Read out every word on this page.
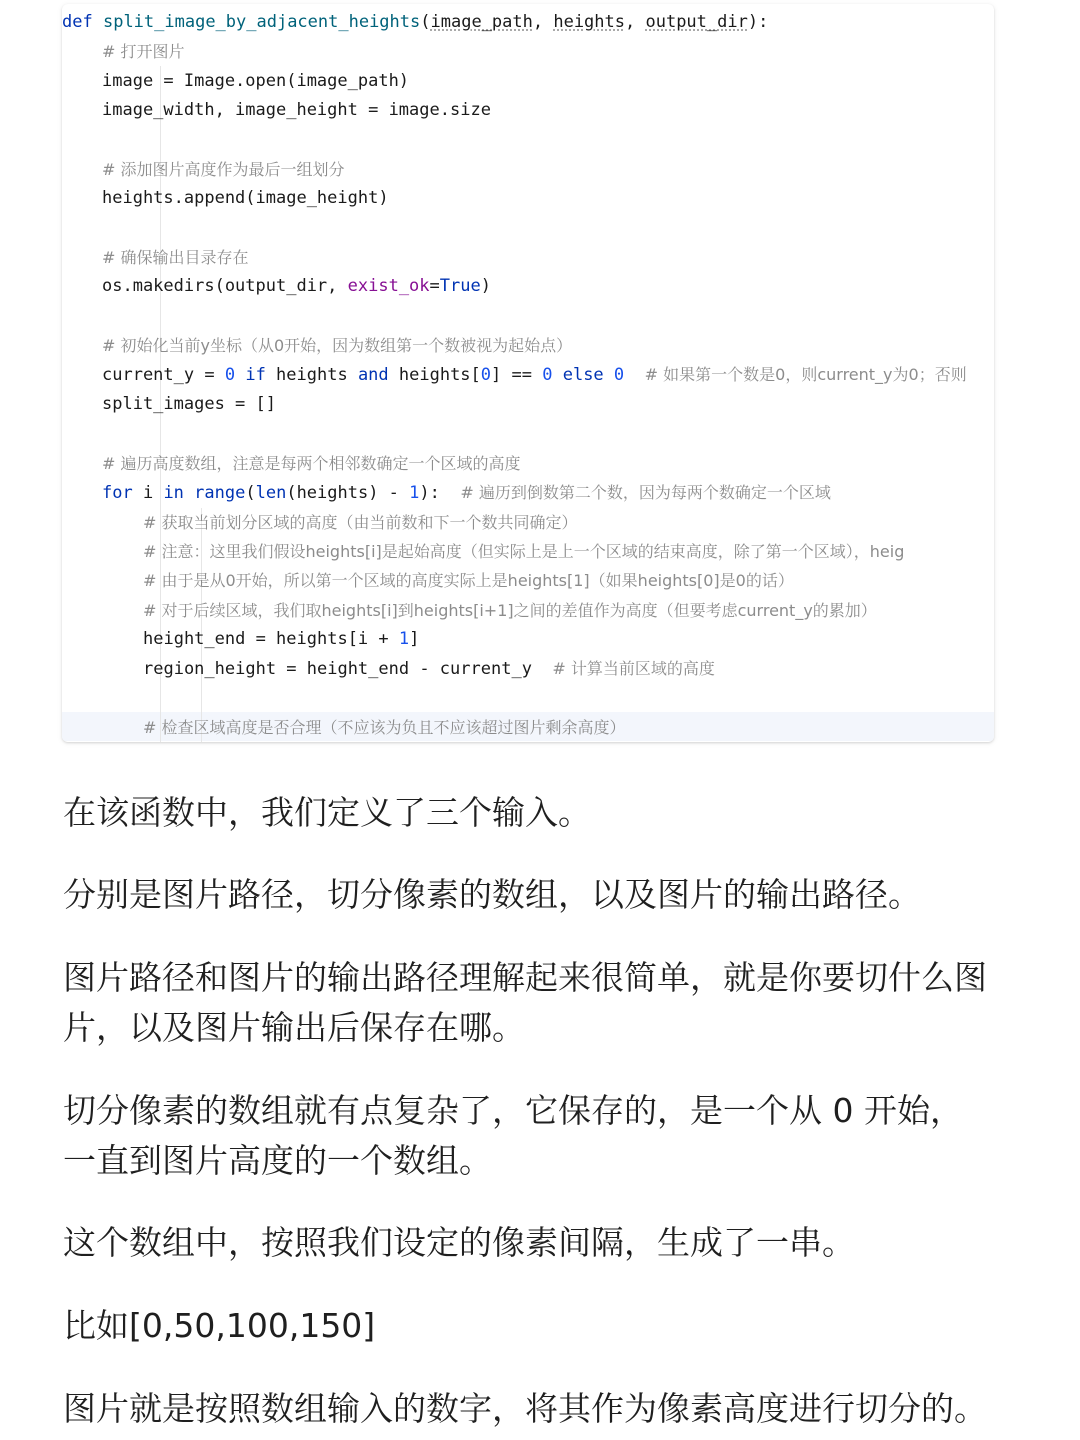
def split_image_by_adjacent_heights(image_path, heights, output_dir):
# 打开图片
image = Image.open(image_path)
image_width, image_height = image.size
# 添加图片高度作为最后一组划分
heights.append(image_height)
# 确保输出目录存在
os.makedirs(output_dir, exist_ok=True)
# 初始化当前y坐标（从0开始，因为数组第一个数被视为起始点）
current_y = 0 if heights and heights[0] == 0 else 0 # 如果第一个数是0，则current_y为0；否则
split_images = []
# 遍历高度数组，注意是每两个相邻数确定一个区域的高度
for i in range(len(heights) - 1): # 遍历到倒数第二个数，因为每两个数确定一个区域
# 获取当前划分区域的高度（由当前数和下一个数共同确定）
# 注意：这里我们假设heights[i]是起始高度（但实际上是上一个区域的结束高度，除了第一个区域），heig
# 由于是从0开始，所以第一个区域的高度实际上是heights[1]（如果heights[0]是0的话）
# 对于后续区域，我们取heights[i]到heights[i+1]之间的差值作为高度（但要考虑current_y的累加）
height_end = heights[i + 1]
region_height = height_end - current_y # 计算当前区域的高度
# 检查区域高度是否合理（不应该为负且不应该超过图片剩余高度）

在该函数中，我们定义了三个输入。

分别是图片路径，切分像素的数组，以及图片的输出路径。

图片路径和图片的输出路径理解起来很简单，就是你要切什么图

片，以及图片输出后保存在哪。

切分像素的数组就有点复杂了，它保存的，是一个从 0 开始，

一直到图片高度的一个数组。

这个数组中，按照我们设定的像素间隔，生成了一串。

比如[0,50,100,150]

图片就是按照数组输入的数字，将其作为像素高度进行切分的。
